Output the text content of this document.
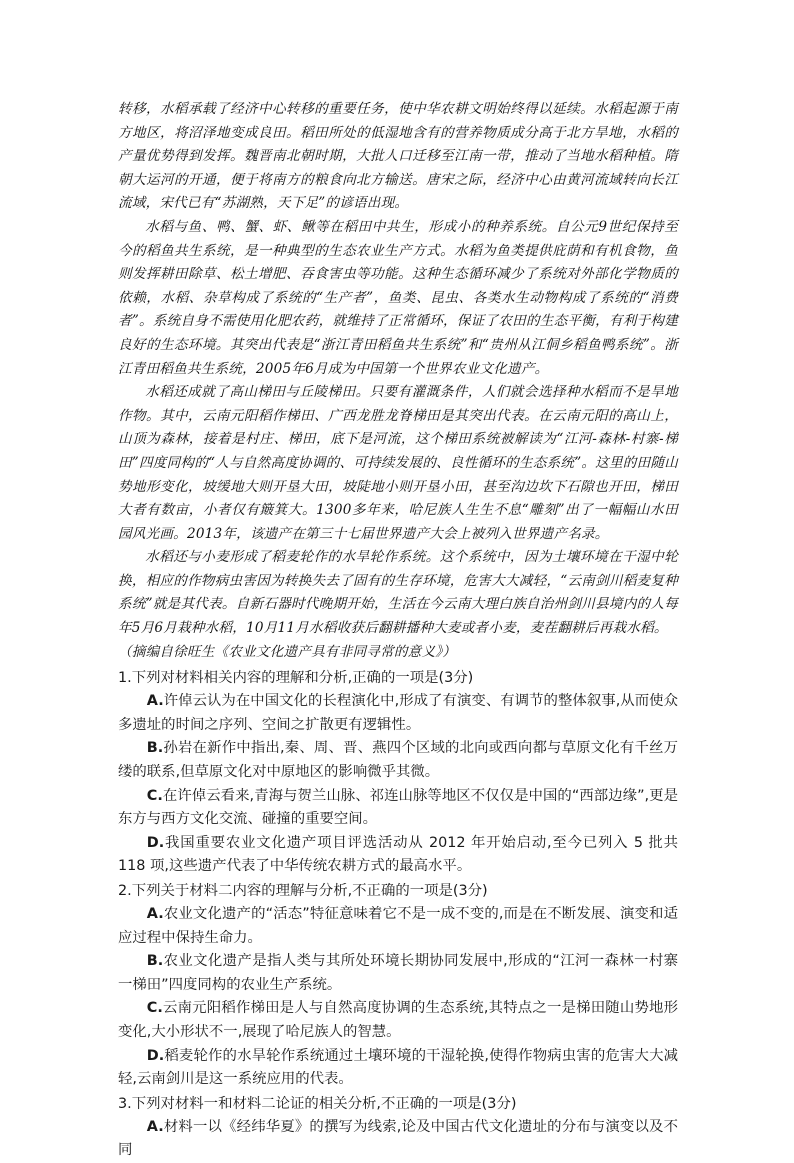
转移，水稻承载了经济中心转移的重要任务，使中华农耕文明始终得以延续。水稻起源于南方地区，将沼泽地变成良田。稻田所处的低湿地含有的营养物质成分高于北方旱地，水稻的产量优势得到发挥。魏晋南北朝时期，大批人口迁移至江南一带，推动了当地水稻种植。隋朝大运河的开通，便于将南方的粮食向北方输送。唐宋之际，经济中心由黄河流域转向长江流域，宋代已有“苏湖熟，天下足”的谚语出现。

水稻与鱼、鸭、蟹、虾、鳅等在稻田中共生，形成小的种养系统。自公元9世纪保持至今的稻鱼共生系统，是一种典型的生态农业生产方式。水稻为鱼类提供庇荫和有机食物，鱼则发挥耕田除草、松土增肥、吞食害虫等功能。这种生态循环减少了系统对外部化学物质的依赖，水稻、杂草构成了系统的“生产者”，鱼类、昆虫、各类水生动物构成了系统的“消费者”。系统自身不需使用化肥农药，就维持了正常循环，保证了农田的生态平衡，有利于构建良好的生态环境。其突出代表是“浙江青田稻鱼共生系统”和“贵州从江侗乡稻鱼鸭系统”。浙江青田稻鱼共生系统，2005年6月成为中国第一个世界农业文化遗产。

水稻还成就了高山梯田与丘陵梯田。只要有灌溉条件，人们就会选择种水稻而不是旱地作物。其中，云南元阳稻作梯田、广西龙胜龙脊梯田是其突出代表。在云南元阳的高山上，山顶为森林，接着是村庄、梯田，底下是河流，这个梯田系统被解读为“江河-森林-村寨-梯田”四度同构的“人与自然高度协调的、可持续发展的、良性循环的生态系统”。这里的田随山势地形变化，坡缓地大则开垦大田，坡陡地小则开垦小田，甚至沟边坎下石隙也开田，梯田大者有数亩，小者仅有簸箕大。1300多年来，哈尼族人生生不息“雕刻”出了一幅幅山水田园风光画。2013年，该遗产在第三十七届世界遗产大会上被列入世界遗产名录。

水稻还与小麦形成了稻麦轮作的水旱轮作系统。这个系统中，因为土壤环境在干湿中轮换，相应的作物病虫害因为转换失去了固有的生存环境，危害大大减轻，“云南剑川稻麦复种系统”就是其代表。自新石器时代晚期开始，生活在今云南大理白族自治州剑川县境内的人每年5月6月栽种水稻，10月11月水稻收获后翻耕播种大麦或者小麦，麦茬翻耕后再栽水稻。

（摘编自徐旺生《农业文化遗产具有非同寻常的意义》）

1.下列对材料相关内容的理解和分析,正确的一项是(3分)

A.许倬云认为在中国文化的长程演化中,形成了有演变、有调节的整体叙事,从而使众多遗址的时间之序列、空间之扩散更有逻辑性。

B.孙岩在新作中指出,秦、周、晋、燕四个区域的北向或西向都与草原文化有千丝万缕的联系,但草原文化对中原地区的影响微乎其微。

C.在许倬云看来,青海与贺兰山脉、祁连山脉等地区不仅仅是中国的“西部边缘”,更是东方与西方文化交流、碰撞的重要空间。

D.我国重要农业文化遗产项目评选活动从 2012 年开始启动,至今已列入 5 批共 118 项,这些遗产代表了中华传统农耕方式的最高水平。

2.下列关于材料二内容的理解与分析,不正确的一项是(3分)

A.农业文化遗产的“活态”特征意味着它不是一成不变的,而是在不断发展、演变和适应过程中保持生命力。

B.农业文化遗产是指人类与其所处环境长期协同发展中,形成的“江河一森林一村寨一梯田”四度同构的农业生产系统。

C.云南元阳稻作梯田是人与自然高度协调的生态系统,其特点之一是梯田随山势地形变化,大小形状不一,展现了哈尼族人的智慧。

D.稻麦轮作的水旱轮作系统通过土壤环境的干湿轮换,使得作物病虫害的危害大大减轻,云南剑川是这一系统应用的代表。

3.下列对材料一和材料二论证的相关分析,不正确的一项是(3分)

A.材料一以《经纬华夏》的撰写为线索,论及中国古代文化遗址的分布与演变以及不同
